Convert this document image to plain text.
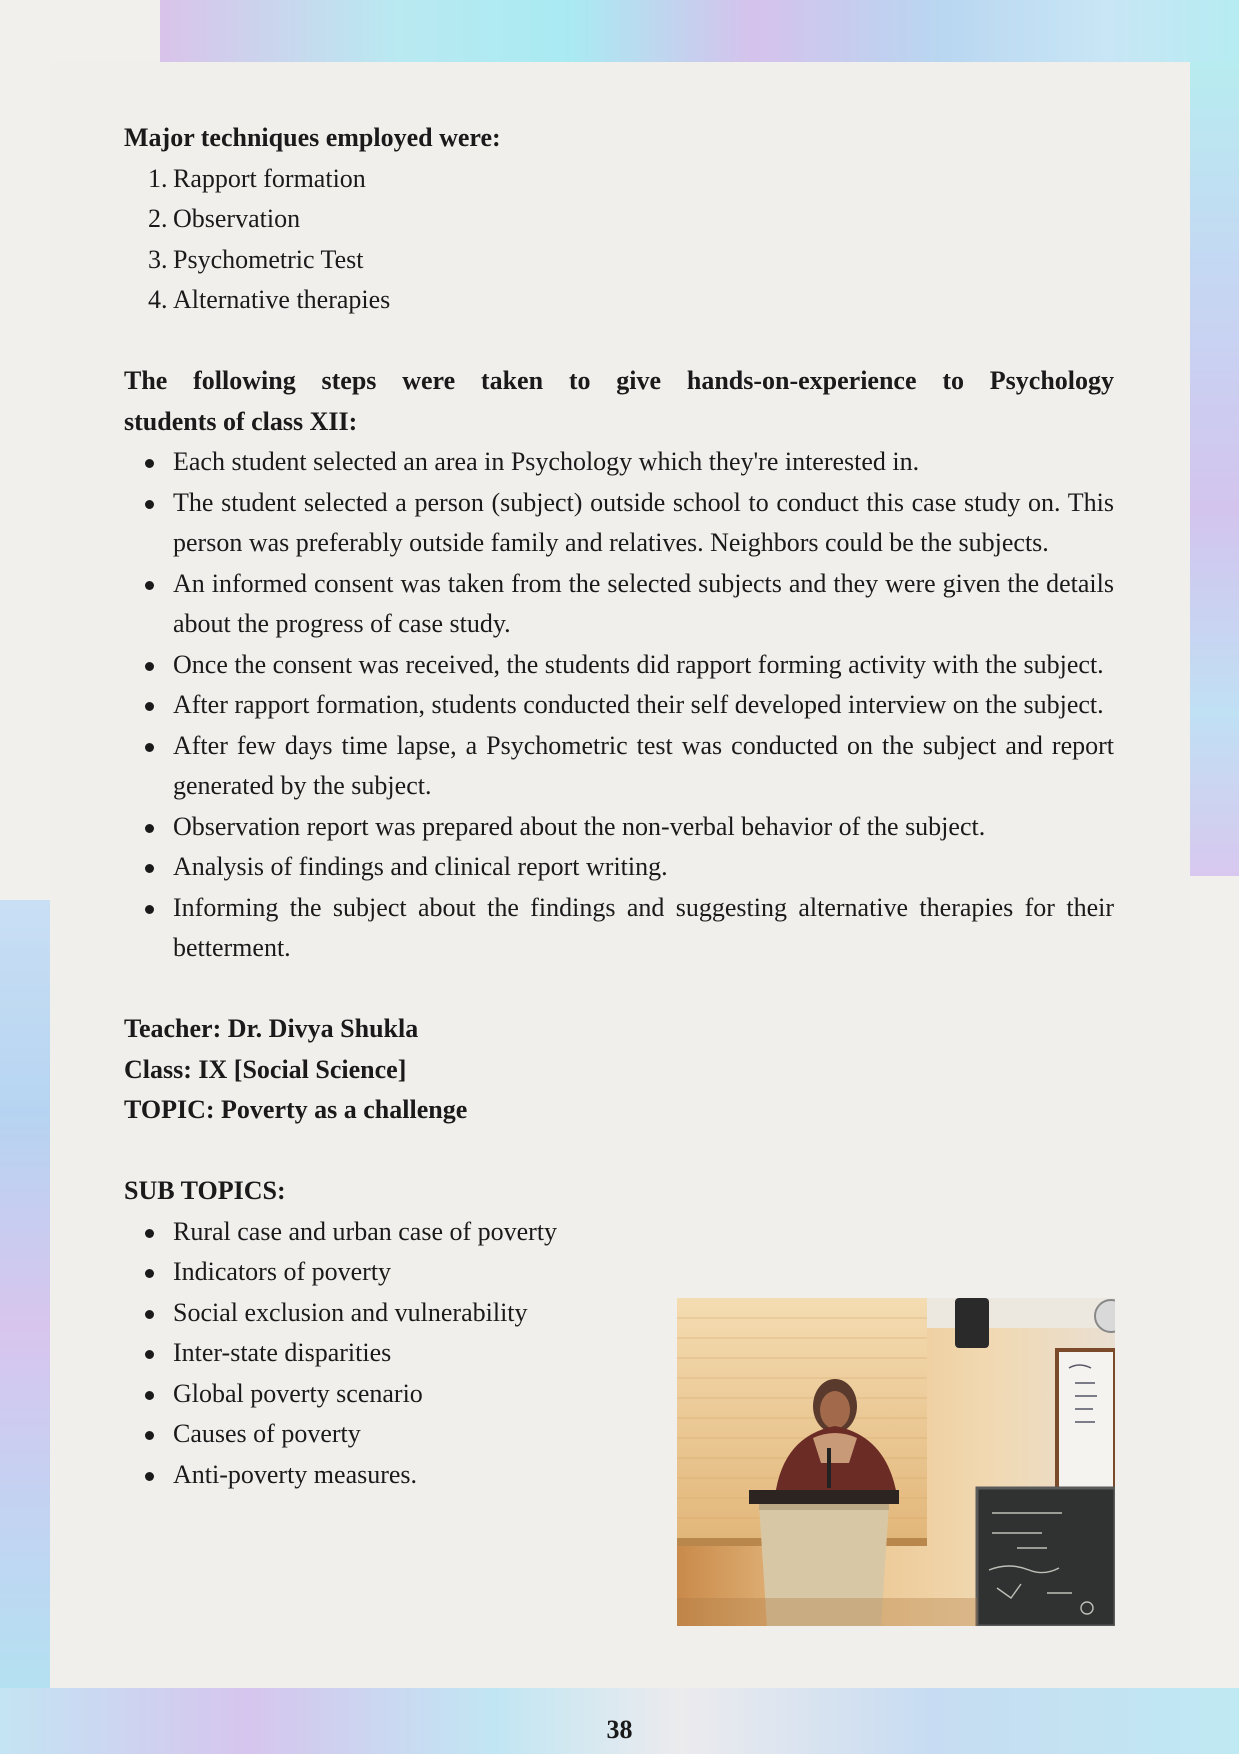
Major techniques employed were:
1. Rapport formation
2. Observation
3. Psychometric Test
4. Alternative therapies
The following steps were taken to give hands-on-experience to Psychology
students of class XII:
Each student selected an area in Psychology which they're interested in.
The student selected a person (subject) outside school to conduct this case study on. This person was preferably outside family and relatives. Neighbors could be the subjects.
An informed consent was taken from the selected subjects and they were given the details about the progress of case study.
Once the consent was received, the students did rapport forming activity with the subject.
After rapport formation, students conducted their self developed interview on the subject.
After few days time lapse, a Psychometric test was conducted on the subject and report generated by the subject.
Observation report was prepared about the non-verbal behavior of the subject.
Analysis of findings and clinical report writing.
Informing the subject about the findings and suggesting alternative therapies for their betterment.
Teacher: Dr. Divya Shukla
Class: IX [Social Science]
TOPIC: Poverty as a challenge
SUB TOPICS:
Rural case and urban case of poverty
Indicators of poverty
Social exclusion and vulnerability
Inter-state disparities
Global poverty scenario
Causes of poverty
Anti-poverty measures.
38
